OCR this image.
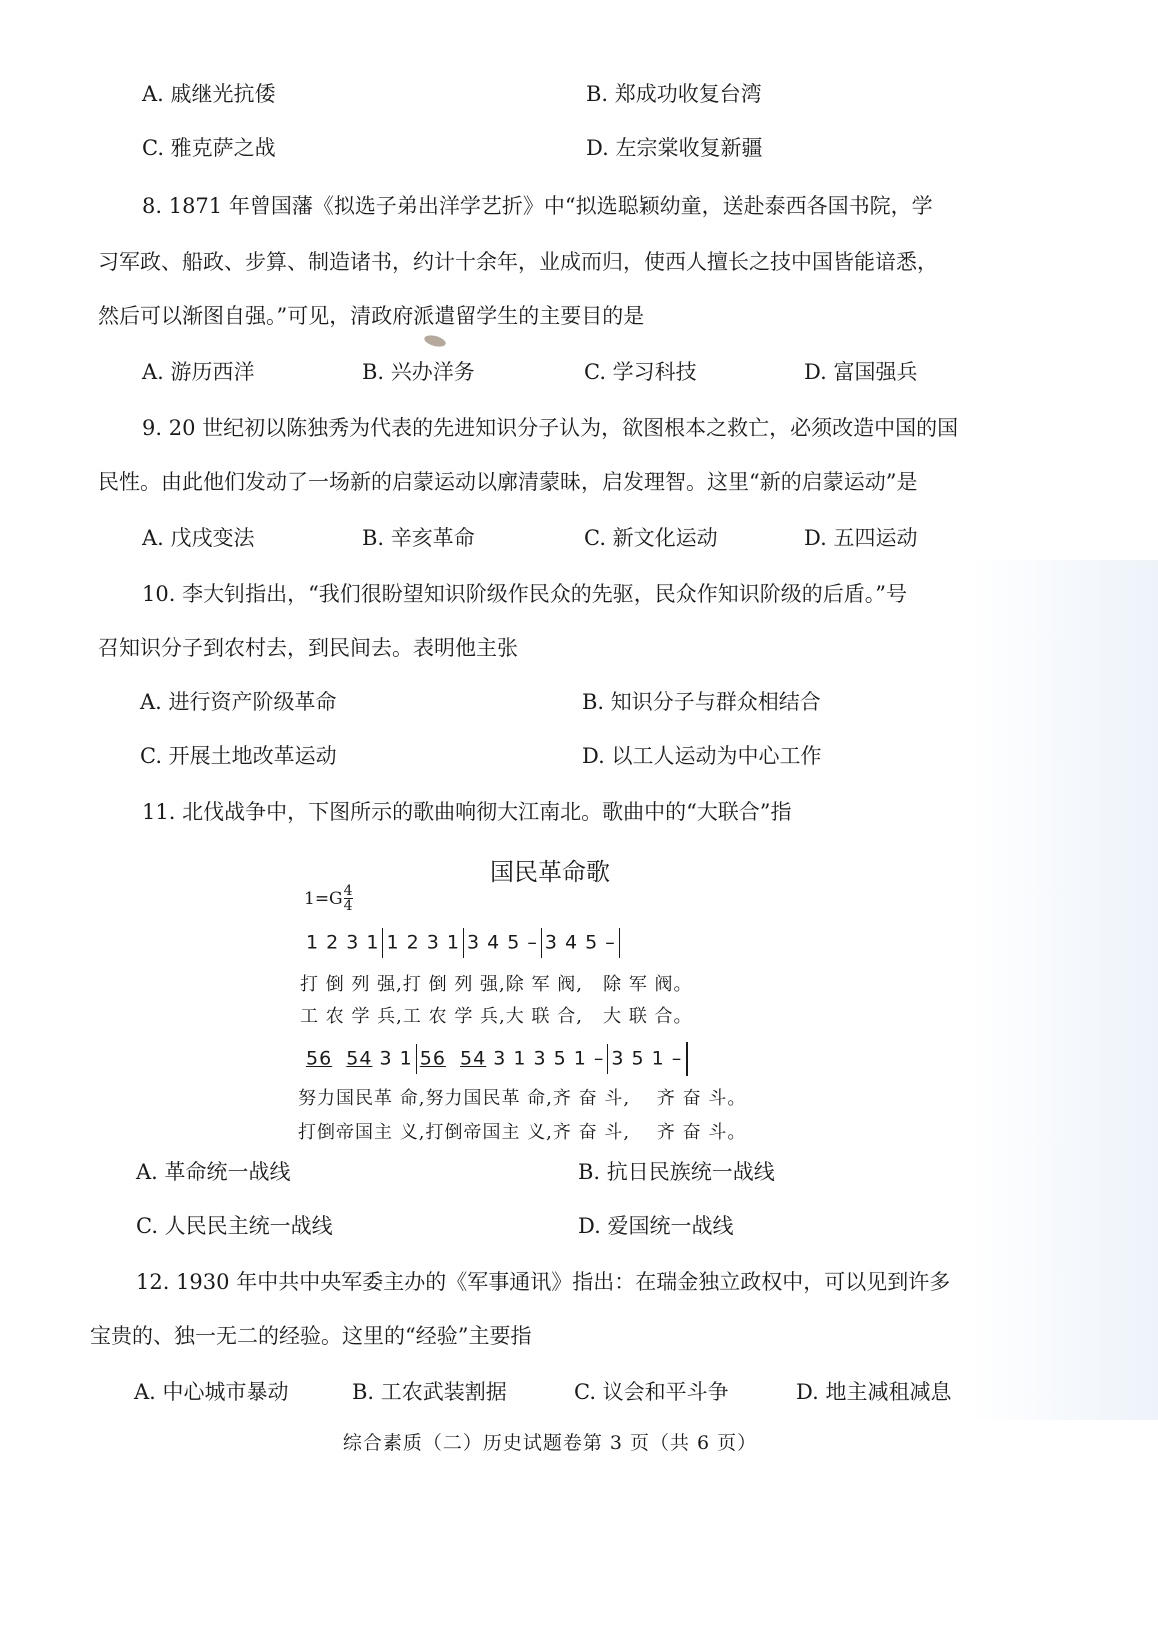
A. 戚继光抗倭	B. 郑成功收复台湾
C. 雅克萨之战	D. 左宗棠收复新疆
8. 1871 年曾国藩《拟选子弟出洋学艺折》中“拟选聪颖幼童，送赴泰西各国书院，学
习军政、船政、步算、制造诸书，约计十余年，业成而归，使西人擅长之技中国皆能谙悉，
然后可以渐图自强。”可见，清政府派遣留学生的主要目的是
A. 游历西洋	B. 兴办洋务	C. 学习科技	D. 富国强兵
9. 20 世纪初以陈独秀为代表的先进知识分子认为，欲图根本之救亡，必须改造中国的国
民性。由此他们发动了一场新的启蒙运动以廓清蒙昧，启发理智。这里“新的启蒙运动”是
A. 戊戌变法	B. 辛亥革命	C. 新文化运动	D. 五四运动
10. 李大钊指出，“我们很盼望知识阶级作民众的先驱，民众作知识阶级的后盾。”号
召知识分子到农村去，到民间去。表明他主张
A. 进行资产阶级革命	B. 知识分子与群众相结合
C. 开展土地改革运动	D. 以工人运动为中心工作
11. 北伐战争中，下图所示的歌曲响彻大江南北。歌曲中的“大联合”指
国民革命歌
$1=G \frac{4}{4}$
1 2 3 1 1 2 3 1 3 4 5 – 3 4 5 –
打 倒 列 强,打 倒 列 强,除 军 阀,   除 军 阀。
工 农 学 兵,工 农 学 兵,大 联 合,   大 联 合。
56 54 3 1 56 54 3 1 3 5 1 – 3 5 1 –
努力国民革 命,努力国民革 命,齐 奋 斗,    齐 奋 斗。
打倒帝国主 义,打倒帝国主 义,齐 奋 斗,    齐 奋 斗。
A. 革命统一战线	B. 抗日民族统一战线
C. 人民民主统一战线	D. 爱国统一战线
12. 1930 年中共中央军委主办的《军事通讯》指出：在瑞金独立政权中，可以见到许多
宝贵的、独一无二的经验。这里的“经验”主要指
A. 中心城市暴动	B. 工农武装割据	C. 议会和平斗争	D. 地主减租减息
综合素质（二）历史试题卷第 3 页（共 6 页）
